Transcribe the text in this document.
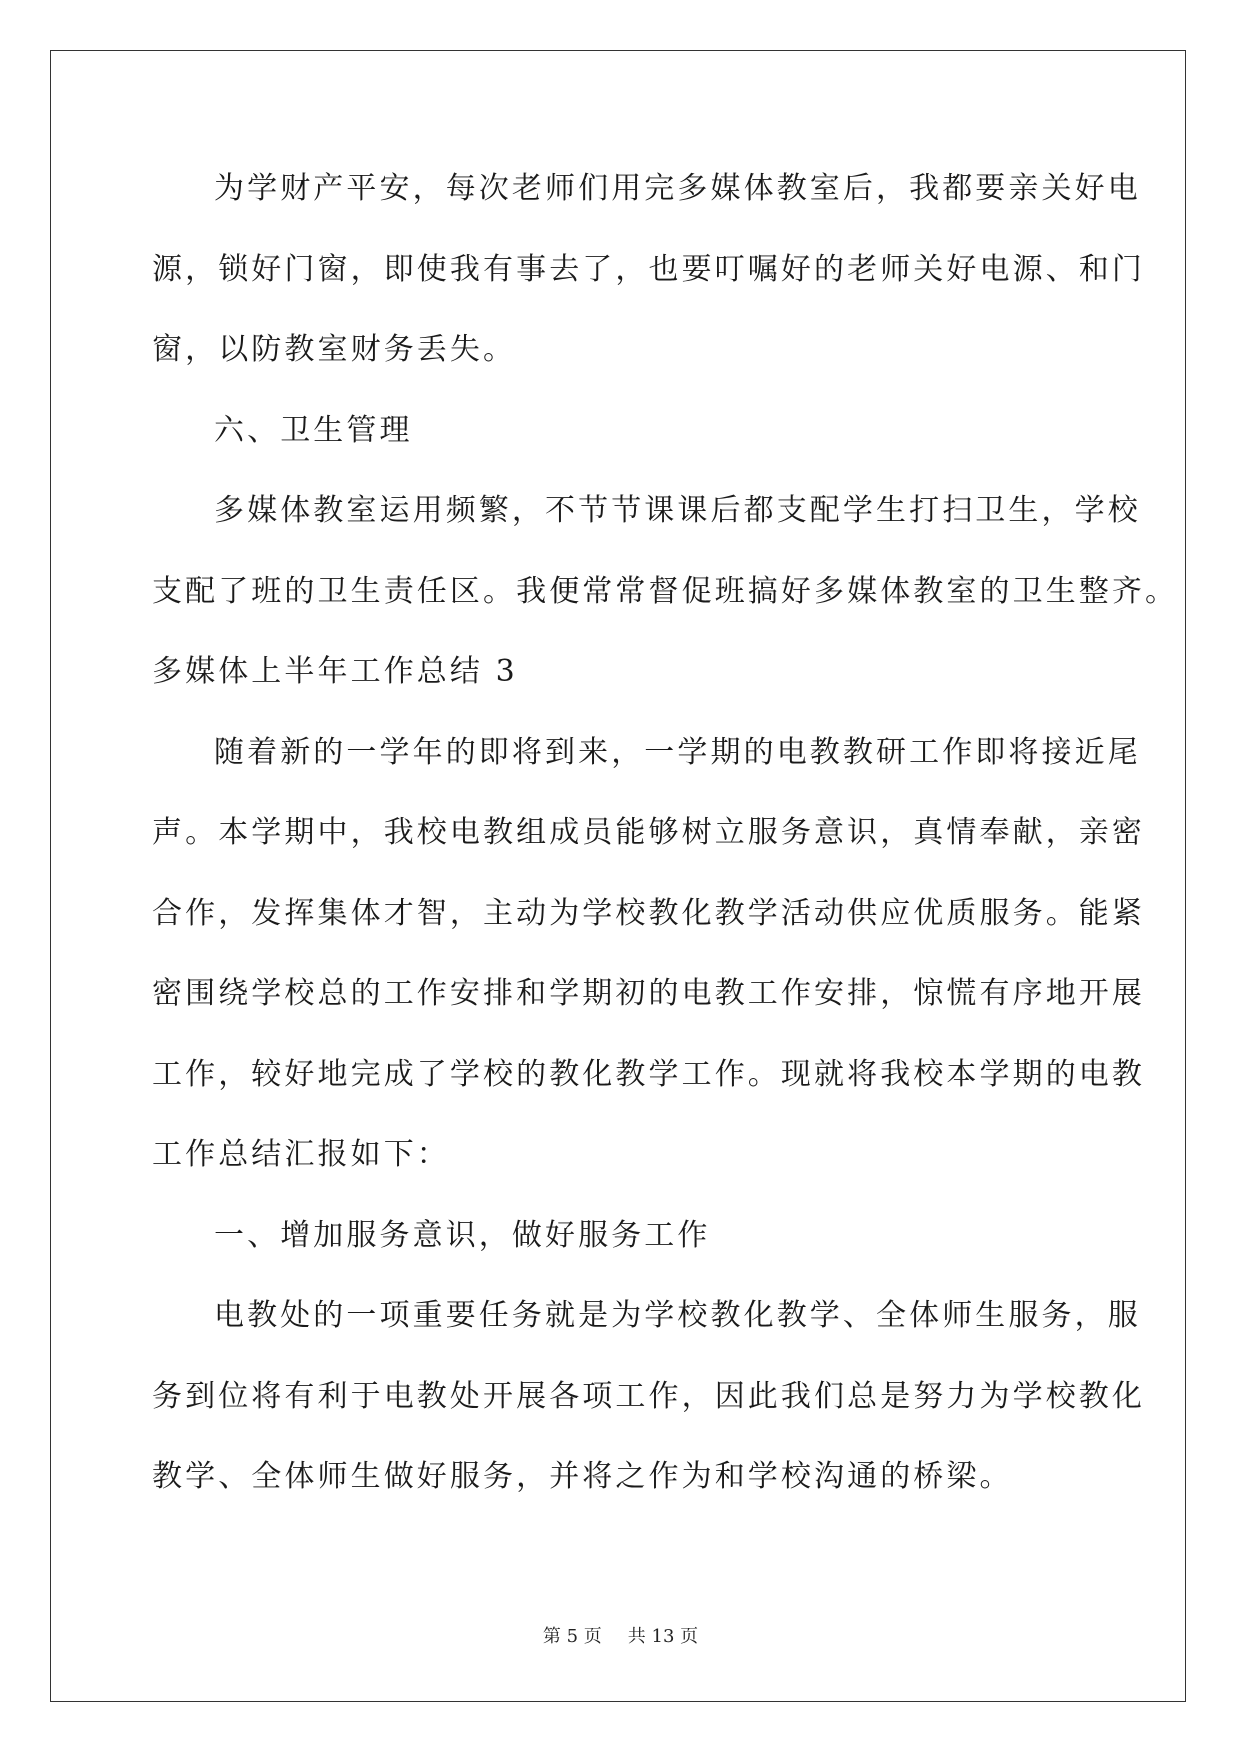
为学财产平安，每次老师们用完多媒体教室后，我都要亲关好电
源，锁好门窗，即使我有事去了，也要叮嘱好的老师关好电源、和门
窗，以防教室财务丢失。
六、卫生管理
多媒体教室运用频繁，不节节课课后都支配学生打扫卫生，学校
支配了班的卫生责任区。我便常常督促班搞好多媒体教室的卫生整齐。
多媒体上半年工作总结 3
随着新的一学年的即将到来，一学期的电教教研工作即将接近尾
声。本学期中，我校电教组成员能够树立服务意识，真情奉献，亲密
合作，发挥集体才智，主动为学校教化教学活动供应优质服务。能紧
密围绕学校总的工作安排和学期初的电教工作安排，惊慌有序地开展
工作，较好地完成了学校的教化教学工作。现就将我校本学期的电教
工作总结汇报如下：
一、增加服务意识，做好服务工作
电教处的一项重要任务就是为学校教化教学、全体师生服务，服
务到位将有利于电教处开展各项工作，因此我们总是努力为学校教化
教学、全体师生做好服务，并将之作为和学校沟通的桥梁。
第 5 页 共 13 页
